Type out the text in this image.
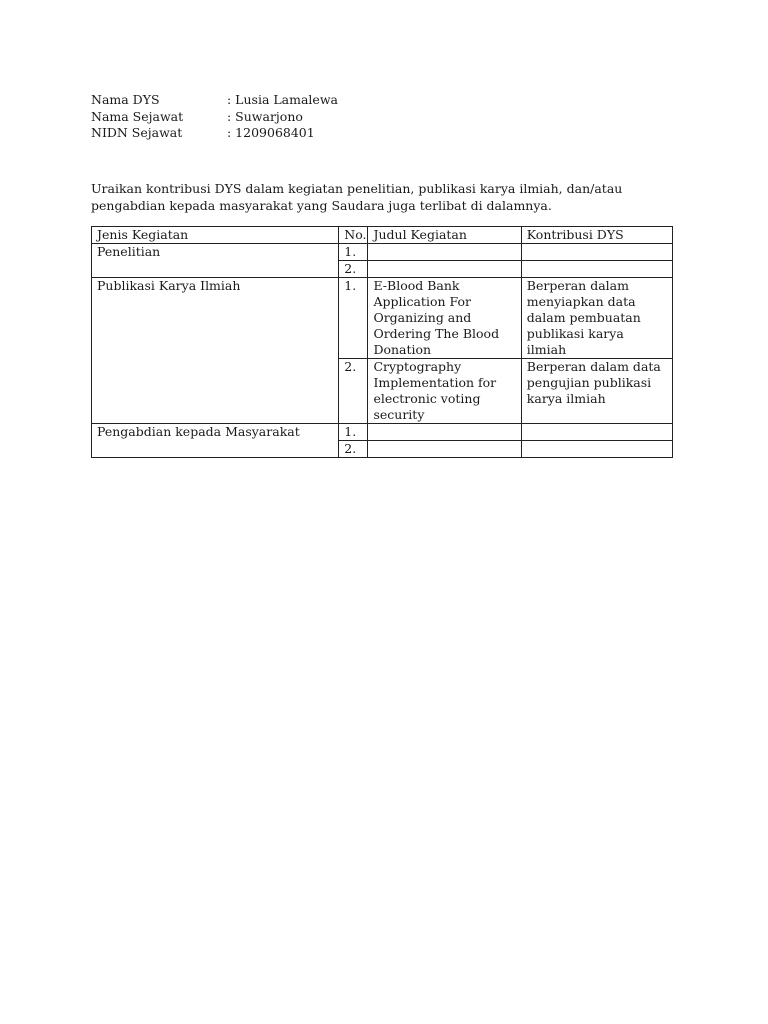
Nama DYS	: Lusia Lamalewa
Nama Sejawat	: Suwarjono
NIDN Sejawat	: 1209068401

Uraikan kontribusi DYS dalam kegiatan penelitian, publikasi karya ilmiah, dan/atau pengabdian kepada masyarakat yang Saudara juga terlibat di dalamnya.

Jenis Kegiatan	No.	Judul Kegiatan	Kontribusi DYS
Penelitian	1.		
	2.		
Publikasi Karya Ilmiah	1.	E-Blood Bank Application For Organizing and Ordering The Blood Donation	Berperan dalam menyiapkan data dalam pembuatan publikasi karya ilmiah
	2.	Cryptography Implementation for electronic voting security	Berperan dalam data pengujian publikasi karya ilmiah
Pengabdian kepada Masyarakat	1.		
	2.		
